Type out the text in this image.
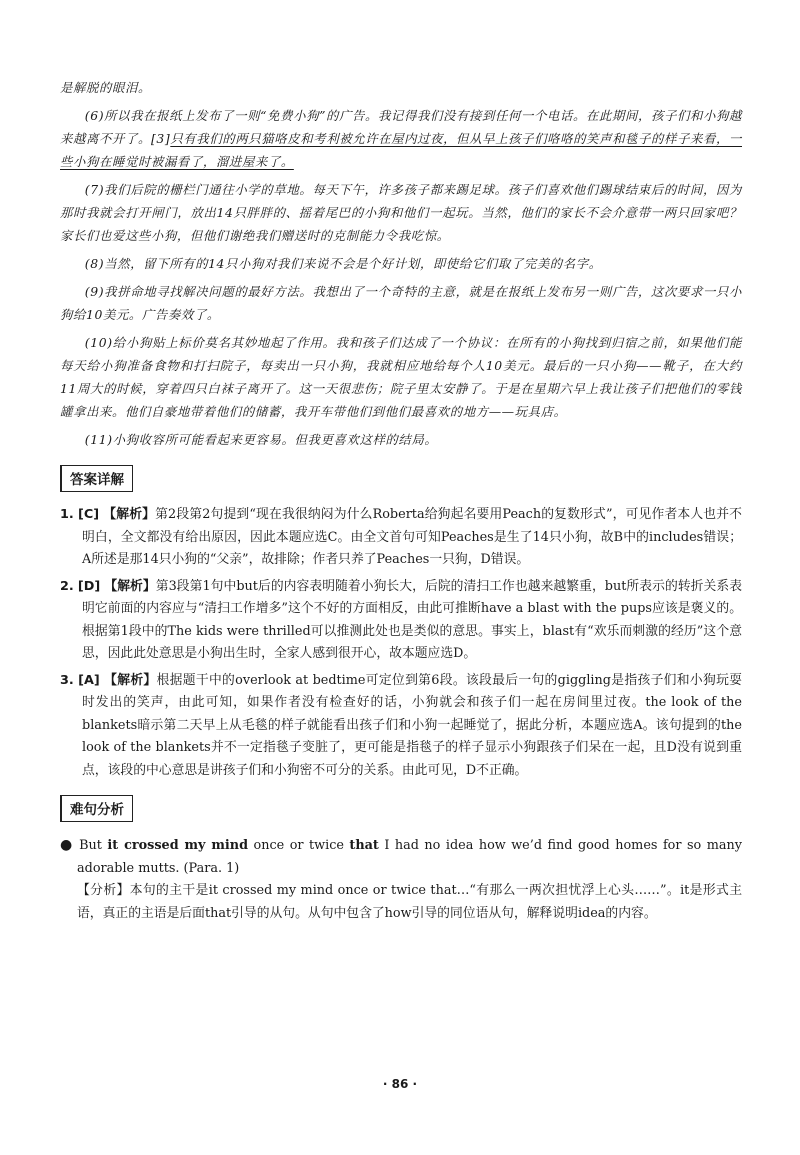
是解脱的眼泪。

(6)所以我在报纸上发布了一则“免费小狗”的广告。我记得我们没有接到任何一个电话。在此期间，孩子们和小狗越来越离不开了。[3]只有我们的两只猫咯皮和考利被允许在屋内过夜，但从早上孩子们咯咯的笑声和毯子的样子来看，一些小狗在睡觉时被漏看了，溜进屋来了。

(7)我们后院的栅栏门通往小学的草地。每天下午，许多孩子都来踢足球。孩子们喜欢他们踢球结束后的时间，因为那时我就会打开闸门，放出14只胖胖的、摇着尾巴的小狗和他们一起玩。当然，他们的家长不会介意带一两只回家吧？家长们也爱这些小狗，但他们谢绝我们赠送时的克制能力令我吃惊。

(8)当然，留下所有的14只小狗对我们来说不会是个好计划，即使给它们取了完美的名字。

(9)我拼命地寻找解决问题的最好方法。我想出了一个奇特的主意，就是在报纸上发布另一则广告，这次要求一只小狗给10美元。广告奏效了。

(10)给小狗贴上标价莫名其妙地起了作用。我和孩子们达成了一个协议：在所有的小狗找到归宿之前，如果他们能每天给小狗准备食物和打扫院子，每卖出一只小狗，我就相应地给每个人10美元。最后的一只小狗——靴子，在大约11周大的时候，穿着四只白袜子离开了。这一天很悲伤；院子里太安静了。于是在星期六早上我让孩子们把他们的零钱罐拿出来。他们自豪地带着他们的储蓄，我开车带他们到他们最喜欢的地方——玩具店。

(11)小狗收容所可能看起来更容易。但我更喜欢这样的结局。

答案详解

1. [C] 【解析】第2段第2句提到“现在我很纳闷为什么Roberta给狗起名要用Peach的复数形式”，可见作者本人也并不明白，全文都没有给出原因，因此本题应选C。由全文首句可知Peaches是生了14只小狗，故B中的includes错误；A所述是那14只小狗的“父亲”，故排除；作者只养了Peaches一只狗，D错误。

2. [D] 【解析】第3段第1句中but后的内容表明随着小狗长大，后院的清扫工作也越来越繁重，but所表示的转折关系表明它前面的内容应与“清扫工作增多”这个不好的方面相反，由此可推断have a blast with the pups应该是褒义的。根据第1段中的The kids were thrilled可以推测此处也是类似的意思。事实上，blast有“欢乐而刺激的经历”这个意思，因此此处意思是小狗出生时，全家人感到很开心，故本题应选D。

3. [A] 【解析】根据题干中的overlook at bedtime可定位到第6段。该段最后一句的giggling是指孩子们和小狗玩耍时发出的笑声，由此可知，如果作者没有检查好的话，小狗就会和孩子们一起在房间里过夜。the look of the blankets暗示第二天早上从毛毯的样子就能看出孩子们和小狗一起睡觉了，据此分析，本题应选A。该句提到的the look of the blankets并不一定指毯子变脏了，更可能是指毯子的样子显示小狗跟孩子们呆在一起，且D没有说到重点，该段的中心意思是讲孩子们和小狗密不可分的关系。由此可见，D不正确。

难句分析

● But it crossed my mind once or twice that I had no idea how we’d find good homes for so many adorable mutts. (Para. 1)

【分析】本句的主干是it crossed my mind once or twice that…“有那么一两次担忧浮上心头……”。it是形式主语，真正的主语是后面that引导的从句。从句中包含了how引导的同位语从句，解释说明idea的内容。

· 86 ·
